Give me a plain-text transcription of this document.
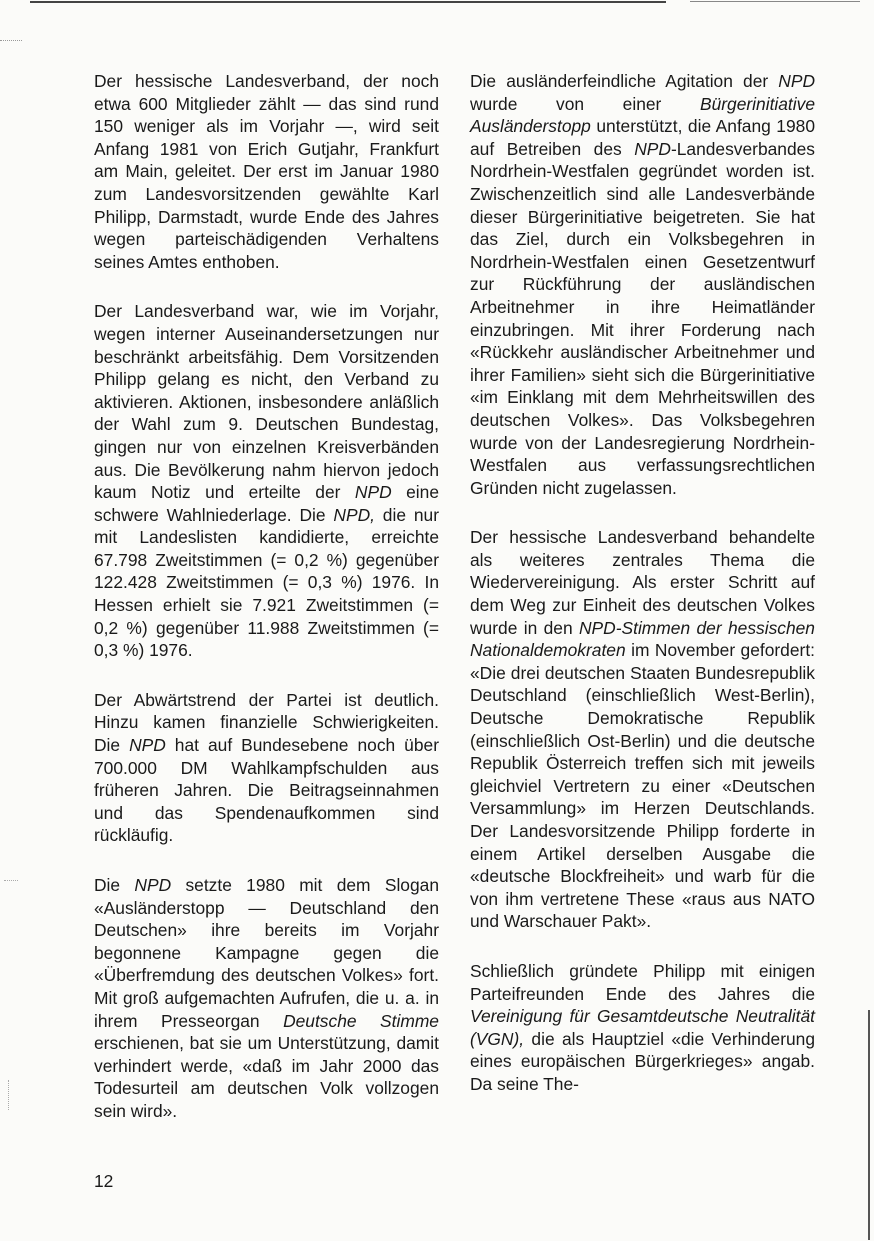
Der hessische Landesverband, der noch etwa 600 Mitglieder zählt — das sind rund 150 weniger als im Vorjahr —, wird seit Anfang 1981 von Erich Gutjahr, Frankfurt am Main, geleitet. Der erst im Januar 1980 zum Landesvorsitzenden gewählte Karl Philipp, Darmstadt, wurde Ende des Jahres wegen parteischädigenden Verhaltens seines Amtes enthoben.

Der Landesverband war, wie im Vorjahr, wegen interner Auseinandersetzungen nur beschränkt arbeitsfähig. Dem Vorsitzenden Philipp gelang es nicht, den Verband zu aktivieren. Aktionen, insbesondere anläßlich der Wahl zum 9. Deutschen Bundestag, gingen nur von einzelnen Kreisverbänden aus. Die Bevölkerung nahm hiervon jedoch kaum Notiz und erteilte der NPD eine schwere Wahlniederlage. Die NPD, die nur mit Landeslisten kandidierte, erreichte 67.798 Zweitstimmen (= 0,2 %) gegenüber 122.428 Zweitstimmen (= 0,3 %) 1976. In Hessen erhielt sie 7.921 Zweitstimmen (= 0,2 %) gegenüber 11.988 Zweitstimmen (= 0,3 %) 1976.

Der Abwärtstrend der Partei ist deutlich. Hinzu kamen finanzielle Schwierigkeiten. Die NPD hat auf Bundesebene noch über 700.000 DM Wahlkampfschulden aus früheren Jahren. Die Beitragseinnahmen und das Spendenaufkommen sind rückläufig.

Die NPD setzte 1980 mit dem Slogan «Ausländerstopp — Deutschland den Deutschen» ihre bereits im Vorjahr begonnene Kampagne gegen die «Überfremdung des deutschen Volkes» fort. Mit groß aufgemachten Aufrufen, die u. a. in ihrem Presseorgan Deutsche Stimme erschienen, bat sie um Unterstützung, damit verhindert werde, «daß im Jahr 2000 das Todesurteil am deutschen Volk vollzogen sein wird».

Die ausländerfeindliche Agitation der NPD wurde von einer Bürgerinitiative Ausländerstopp unterstützt, die Anfang 1980 auf Betreiben des NPD-Landesverbandes Nordrhein-Westfalen gegründet worden ist. Zwischenzeitlich sind alle Landesverbände dieser Bürgerinitiative beigetreten. Sie hat das Ziel, durch ein Volksbegehren in Nordrhein-Westfalen einen Gesetzentwurf zur Rückführung der ausländischen Arbeitnehmer in ihre Heimatländer einzubringen. Mit ihrer Forderung nach «Rückkehr ausländischer Arbeitnehmer und ihrer Familien» sieht sich die Bürgerinitiative «im Einklang mit dem Mehrheitswillen des deutschen Volkes». Das Volksbegehren wurde von der Landesregierung Nordrhein-Westfalen aus verfassungsrechtlichen Gründen nicht zugelassen.

Der hessische Landesverband behandelte als weiteres zentrales Thema die Wiedervereinigung. Als erster Schritt auf dem Weg zur Einheit des deutschen Volkes wurde in den NPD-Stimmen der hessischen Nationaldemokraten im November gefordert: «Die drei deutschen Staaten Bundesrepublik Deutschland (einschließlich West-Berlin), Deutsche Demokratische Republik (einschließlich Ost-Berlin) und die deutsche Republik Österreich treffen sich mit jeweils gleichviel Vertretern zu einer «Deutschen Versammlung» im Herzen Deutschlands. Der Landesvorsitzende Philipp forderte in einem Artikel derselben Ausgabe die «deutsche Blockfreiheit» und warb für die von ihm vertretene These «raus aus NATO und Warschauer Pakt».

Schließlich gründete Philipp mit einigen Parteifreunden Ende des Jahres die Vereinigung für Gesamtdeutsche Neutralität (VGN), die als Hauptziel «die Verhinderung eines europäischen Bürgerkrieges» angab. Da seine The-

12
